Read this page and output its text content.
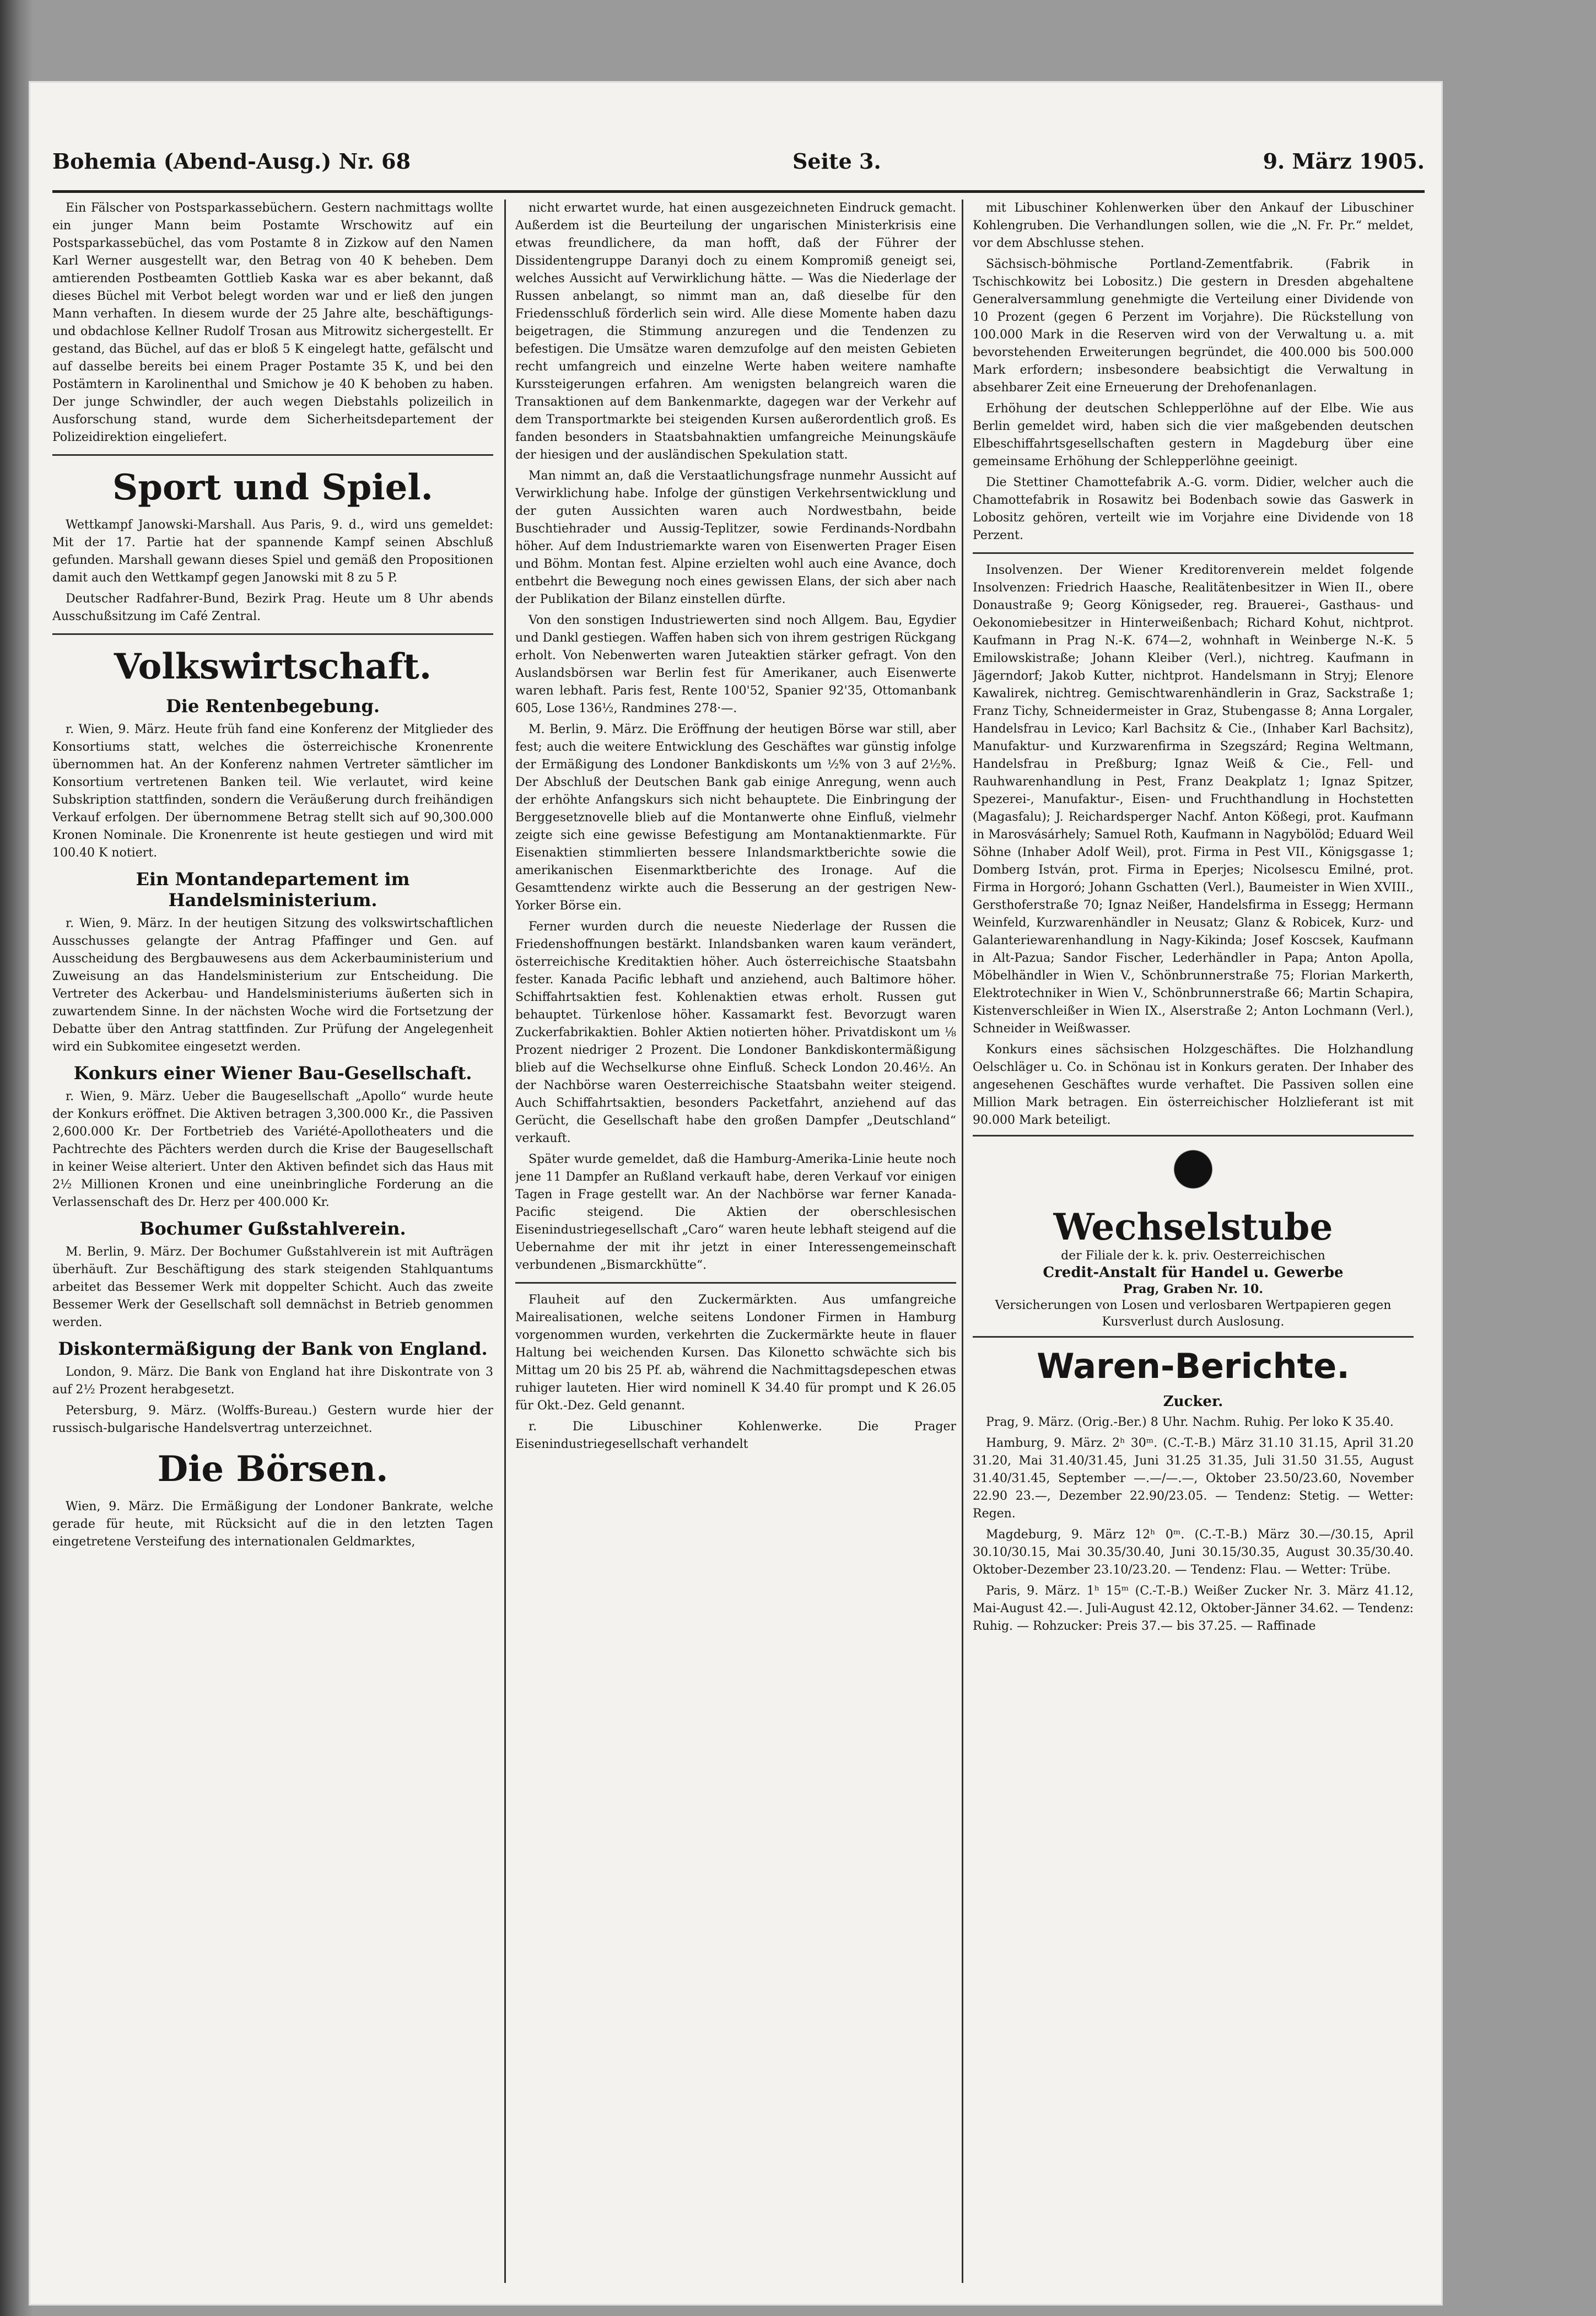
Bohemia (Abend-Ausg.) Nr. 68	Seite 3.	9. März 1905.

Ein Fälscher von Postsparkassebüchern. Gestern nachmittags wollte ein junger Mann beim Postamte Wrschowitz auf ein Postsparkassebüchel, das vom Postamte 8 in Zizkow auf den Namen Karl Werner ausgestellt war, den Betrag von 40 K beheben. Dem amtierenden Postbeamten Gottlieb Kaska war es aber bekannt, daß dieses Büchel mit Verbot belegt worden war und er ließ den jungen Mann verhaften. In diesem wurde der 25 Jahre alte, beschäftigungs- und obdachlose Kellner Rudolf Trosan aus Mitrowitz sichergestellt. Er gestand, das Büchel, auf das er bloß 5 K eingelegt hatte, gefälscht und auf dasselbe bereits bei einem Prager Postamte 35 K, und bei den Postämtern in Karolinenthal und Smichow je 40 K behoben zu haben. Der junge Schwindler, der auch wegen Diebstahls polizeilich in Ausforschung stand, wurde dem Sicherheitsdepartement der Polizeidirektion eingeliefert.

Sport und Spiel.

Wettkampf Janowski-Marshall. Aus Paris, 9. d., wird uns gemeldet: Mit der 17. Partie hat der spannende Kampf seinen Abschluß gefunden. Marshall gewann dieses Spiel und gemäß den Propositionen damit auch den Wettkampf gegen Janowski mit 8 zu 5 P.

Deutscher Radfahrer-Bund, Bezirk Prag. Heute um 8 Uhr abends Ausschußsitzung im Café Zentral.

Volkswirtschaft.
Die Rentenbegebung.

r. Wien, 9. März. Heute früh fand eine Konferenz der Mitglieder des Konsortiums statt, welches die österreichische Kronenrente übernommen hat. An der Konferenz nahmen Vertreter sämtlicher im Konsortium vertretenen Banken teil. Wie verlautet, wird keine Subskription stattfinden, sondern die Veräußerung durch freihändigen Verkauf erfolgen. Der übernommene Betrag stellt sich auf 90,300.000 Kronen Nominale. Die Kronenrente ist heute gestiegen und wird mit 100.40 K notiert.

Ein Montandepartement im Handelsministerium.

r. Wien, 9. März. In der heutigen Sitzung des volkswirtschaftlichen Ausschusses gelangte der Antrag Pfaffinger und Gen. auf Ausscheidung des Bergbauwesens aus dem Ackerbauministerium und Zuweisung an das Handelsministerium zur Entscheidung. Die Vertreter des Ackerbau- und Handelsministeriums äußerten sich in zuwartendem Sinne. In der nächsten Woche wird die Fortsetzung der Debatte über den Antrag stattfinden. Zur Prüfung der Angelegenheit wird ein Subkomitee eingesetzt werden.

Konkurs einer Wiener Bau-Gesellschaft.

r. Wien, 9. März. Ueber die Baugesellschaft „Apollo“ wurde heute der Konkurs eröffnet. Die Aktiven betragen 3,300.000 Kr., die Passiven 2,600.000 Kr. Der Fortbetrieb des Variété-Apollotheaters und die Pachtrechte des Pächters werden durch die Krise der Baugesellschaft in keiner Weise alteriert. Unter den Aktiven befindet sich das Haus mit 2½ Millionen Kronen und eine uneinbringliche Forderung an die Verlassenschaft des Dr. Herz per 400.000 Kr.

Bochumer Gußstahlverein.

M. Berlin, 9. März. Der Bochumer Gußstahlverein ist mit Aufträgen überhäuft. Zur Beschäftigung des stark steigenden Stahlquantums arbeitet das Bessemer Werk mit doppelter Schicht. Auch das zweite Bessemer Werk der Gesellschaft soll demnächst in Betrieb genommen werden.

Diskontermäßigung der Bank von England.

London, 9. März. Die Bank von England hat ihre Diskontrate von 3 auf 2½ Prozent herabgesetzt.

Petersburg, 9. März. (Wolffs-Bureau.) Gestern wurde hier der russisch-bulgarische Handelsvertrag unterzeichnet.

Die Börsen.

Wien, 9. März. Die Ermäßigung der Londoner Bankrate, welche gerade für heute, mit Rücksicht auf die in den letzten Tagen eingetretene Versteifung des internationalen Geldmarktes,

nicht erwartet wurde, hat einen ausgezeichneten Eindruck gemacht. Außerdem ist die Beurteilung der ungarischen Ministerkrisis eine etwas freundlichere, da man hofft, daß der Führer der Dissidentengruppe Daranyi doch zu einem Kompromiß geneigt sei, welches Aussicht auf Verwirklichung hätte. — Was die Niederlage der Russen anbelangt, so nimmt man an, daß dieselbe für den Friedensschluß förderlich sein wird. Alle diese Momente haben dazu beigetragen, die Stimmung anzuregen und die Tendenzen zu befestigen. Die Umsätze waren demzufolge auf den meisten Gebieten recht umfangreich und einzelne Werte haben weitere namhafte Kurssteigerungen erfahren. Am wenigsten belangreich waren die Transaktionen auf dem Bankenmarkte, dagegen war der Verkehr auf dem Transportmarkte bei steigenden Kursen außerordentlich groß. Es fanden besonders in Staatsbahnaktien umfangreiche Meinungskäufe der hiesigen und der ausländischen Spekulation statt.

Man nimmt an, daß die Verstaatlichungsfrage nunmehr Aussicht auf Verwirklichung habe. Infolge der günstigen Verkehrsentwicklung und der guten Aussichten waren auch Nordwestbahn, beide Buschtiehrader und Aussig-Teplitzer, sowie Ferdinands-Nordbahn höher. Auf dem Industriemarkte waren von Eisenwerten Prager Eisen und Böhm. Montan fest. Alpine erzielten wohl auch eine Avance, doch entbehrt die Bewegung noch eines gewissen Elans, der sich aber nach der Publikation der Bilanz einstellen dürfte.

Von den sonstigen Industriewerten sind noch Allgem. Bau, Egydier und Dankl gestiegen. Waffen haben sich von ihrem gestrigen Rückgang erholt. Von Nebenwerten waren Juteaktien stärker gefragt. Von den Auslandsbörsen war Berlin fest für Amerikaner, auch Eisenwerte waren lebhaft. Paris fest, Rente 100'52, Spanier 92'35, Ottomanbank 605, Lose 136½, Randmines 278·—.

M. Berlin, 9. März. Die Eröffnung der heutigen Börse war still, aber fest; auch die weitere Entwicklung des Geschäftes war günstig infolge der Ermäßigung des Londoner Bankdiskonts um ½% von 3 auf 2½%. Der Abschluß der Deutschen Bank gab einige Anregung, wenn auch der erhöhte Anfangskurs sich nicht behauptete. Die Einbringung der Berggesetznovelle blieb auf die Montanwerte ohne Einfluß, vielmehr zeigte sich eine gewisse Befestigung am Montanaktienmarkte. Für Eisenaktien stimmlierten bessere Inlandsmarktberichte sowie die amerikanischen Eisenmarktberichte des Ironage. Auf die Gesamttendenz wirkte auch die Besserung an der gestrigen New-Yorker Börse ein.

Ferner wurden durch die neueste Niederlage der Russen die Friedenshoffnungen bestärkt. Inlandsbanken waren kaum verändert, österreichische Kreditaktien höher. Auch österreichische Staatsbahn fester. Kanada Pacific lebhaft und anziehend, auch Baltimore höher. Schiffahrtsaktien fest. Kohlenaktien etwas erholt. Russen gut behauptet. Türkenlose höher. Kassamarkt fest. Bevorzugt waren Zuckerfabrikaktien. Bohler Aktien notierten höher. Privatdiskont um ⅛ Prozent niedriger 2 Prozent. Die Londoner Bankdiskontermäßigung blieb auf die Wechselkurse ohne Einfluß. Scheck London 20.46½. An der Nachbörse waren Oesterreichische Staatsbahn weiter steigend. Auch Schiffahrtsaktien, besonders Packetfahrt, anziehend auf das Gerücht, die Gesellschaft habe den großen Dampfer „Deutschland“ verkauft.

Später wurde gemeldet, daß die Hamburg-Amerika-Linie heute noch jene 11 Dampfer an Rußland verkauft habe, deren Verkauf vor einigen Tagen in Frage gestellt war. An der Nachbörse war ferner Kanada-Pacific steigend. Die Aktien der oberschlesischen Eisenindustriegesellschaft „Caro“ waren heute lebhaft steigend auf die Uebernahme der mit ihr jetzt in einer Interessengemeinschaft verbundenen „Bismarckhütte“.

Flauheit auf den Zuckermärkten. Aus umfangreiche Mairealisationen, welche seitens Londoner Firmen in Hamburg vorgenommen wurden, verkehrten die Zuckermärkte heute in flauer Haltung bei weichenden Kursen. Das Kilonetto schwächte sich bis Mittag um 20 bis 25 Pf. ab, während die Nachmittagsdepeschen etwas ruhiger lauteten. Hier wird nominell K 34.40 für prompt und K 26.05 für Okt.-Dez. Geld genannt.

r. Die Libuschiner Kohlenwerke. Die Prager Eisenindustriegesellschaft verhandelt

mit Libuschiner Kohlenwerken über den Ankauf der Libuschiner Kohlengruben. Die Verhandlungen sollen, wie die „N. Fr. Pr.“ meldet, vor dem Abschlusse stehen.

Sächsisch-böhmische Portland-Zementfabrik. (Fabrik in Tschischkowitz bei Lobositz.) Die gestern in Dresden abgehaltene Generalversammlung genehmigte die Verteilung einer Dividende von 10 Prozent (gegen 6 Perzent im Vorjahre). Die Rückstellung von 100.000 Mark in die Reserven wird von der Verwaltung u. a. mit bevorstehenden Erweiterungen begründet, die 400.000 bis 500.000 Mark erfordern; insbesondere beabsichtigt die Verwaltung in absehbarer Zeit eine Erneuerung der Drehofenanlagen.

Erhöhung der deutschen Schlepperlöhne auf der Elbe. Wie aus Berlin gemeldet wird, haben sich die vier maßgebenden deutschen Elbeschiffahrtsgesellschaften gestern in Magdeburg über eine gemeinsame Erhöhung der Schlepperlöhne geeinigt.

Die Stettiner Chamottefabrik A.-G. vorm. Didier, welcher auch die Chamottefabrik in Rosawitz bei Bodenbach sowie das Gaswerk in Lobositz gehören, verteilt wie im Vorjahre eine Dividende von 18 Perzent.

Insolvenzen. Der Wiener Kreditorenverein meldet folgende Insolvenzen: Friedrich Haasche, Realitätenbesitzer in Wien II., obere Donaustraße 9; Georg Königseder, reg. Brauerei-, Gasthaus- und Oekonomiebesitzer in Hinterweißenbach; Richard Kohut, nichtprot. Kaufmann in Prag N.-K. 674—2, wohnhaft in Weinberge N.-K. 5 Emilowskistraße; Johann Kleiber (Verl.), nichtreg. Kaufmann in Jägerndorf; Jakob Kutter, nichtprot. Handelsmann in Stryj; Elenore Kawalirek, nichtreg. Gemischtwarenhändlerin in Graz, Sackstraße 1; Franz Tichy, Schneidermeister in Graz, Stubengasse 8; Anna Lorgaler, Handelsfrau in Levico; Karl Bachsitz & Cie., (Inhaber Karl Bachsitz), Manufaktur- und Kurzwarenfirma in Szegszárd; Regina Weltmann, Handelsfrau in Preßburg; Ignaz Weiß & Cie., Fell- und Rauhwarenhandlung in Pest, Franz Deakplatz 1; Ignaz Spitzer, Spezerei-, Manufaktur-, Eisen- und Fruchthandlung in Hochstetten (Magasfalu); J. Reichardsperger Nachf. Anton Kößegi, prot. Kaufmann in Marosvásárhely; Samuel Roth, Kaufmann in Nagybölöd; Eduard Weil Söhne (Inhaber Adolf Weil), prot. Firma in Pest VII., Königsgasse 1; Domberg István, prot. Firma in Eperjes; Nicolsescu Emilné, prot. Firma in Horgoró; Johann Gschatten (Verl.), Baumeister in Wien XVIII., Gersthoferstraße 70; Ignaz Neißer, Handelsfirma in Essegg; Hermann Weinfeld, Kurzwarenhändler in Neusatz; Glanz & Robicek, Kurz- und Galanteriewarenhandlung in Nagy-Kikinda; Josef Koscsek, Kaufmann in Alt-Pazua; Sandor Fischer, Lederhändler in Papa; Anton Apolla, Möbelhändler in Wien V., Schönbrunnerstraße 75; Florian Markerth, Elektrotechniker in Wien V., Schönbrunnerstraße 66; Martin Schapira, Kistenverschleißer in Wien IX., Alserstraße 2; Anton Lochmann (Verl.), Schneider in Weißwasser.

Konkurs eines sächsischen Holzgeschäftes. Die Holzhandlung Oelschläger u. Co. in Schönau ist in Konkurs geraten. Der Inhaber des angesehenen Geschäftes wurde verhaftet. Die Passiven sollen eine Million Mark betragen. Ein österreichischer Holzlieferant ist mit 90.000 Mark beteiligt.

Wechselstube
der Filiale der k. k. priv. Oesterreichischen
Credit-Anstalt für Handel u. Gewerbe
Prag, Graben Nr. 10.
Versicherungen von Losen und verlosbaren Wertpapieren gegen Kursverlust durch Auslosung.
Waren-Berichte.
Zucker.

Prag, 9. März. (Orig.-Ber.) 8 Uhr. Nachm. Ruhig. Per loko K 35.40.

Hamburg, 9. März. 2ʰ 30ᵐ. (C.-T.-B.) März 31.10 31.15, April 31.20 31.20, Mai 31.40/31.45, Juni 31.25 31.35, Juli 31.50 31.55, August 31.40/31.45, September —.—/—.—, Oktober 23.50/23.60, November 22.90 23.—, Dezember 22.90/23.05. — Tendenz: Stetig. — Wetter: Regen.

Magdeburg, 9. März 12ʰ 0ᵐ. (C.-T.-B.) März 30.—/30.15, April 30.10/30.15, Mai 30.35/30.40, Juni 30.15/30.35, August 30.35/30.40. Oktober-Dezember 23.10/23.20. — Tendenz: Flau. — Wetter: Trübe.

Paris, 9. März. 1ʰ 15ᵐ (C.-T.-B.) Weißer Zucker Nr. 3. März 41.12, Mai-August 42.—. Juli-August 42.12, Oktober-Jänner 34.62. — Tendenz: Ruhig. — Rohzucker: Preis 37.— bis 37.25. — Raffinade
